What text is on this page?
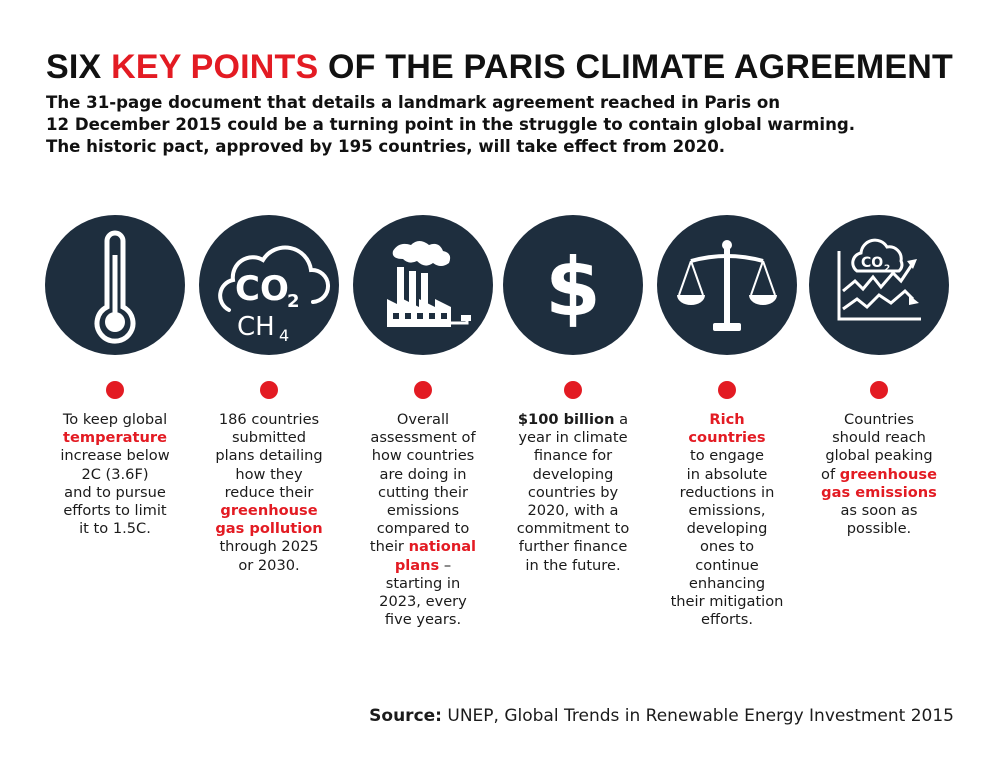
SIX KEY POINTS OF THE PARIS CLIMATE AGREEMENT
The 31-page document that details a landmark agreement reached in Paris on
12 December 2015 could be a turning point in the struggle to contain global warming.
The historic pact, approved by 195 countries, will take effect from 2020.
To keep global
temperature
increase below
2C (3.6F)
and to pursue
efforts to limit
it to 1.5C.
CO
2
CH 4
186 countries
submitted
plans detailing
how they
reduce their
greenhouse
gas pollution
through 2025
or 2030.
Overall
assessment of
how countries
are doing in
cutting their
emissions
compared to
their national
plans –
starting in
2023, every
five years.
$
$100 billion a
year in climate
finance for
developing
countries by
2020, with a
commitment to
further finance
in the future.
Rich
countries
to engage
in absolute
reductions in
emissions,
developing
ones to
continue
enhancing
their mitigation
efforts.
CO 2
Countries
should reach
global peaking
of greenhouse
gas emissions
as soon as
possible.
Source: UNEP, Global Trends in Renewable Energy Investment 2015
